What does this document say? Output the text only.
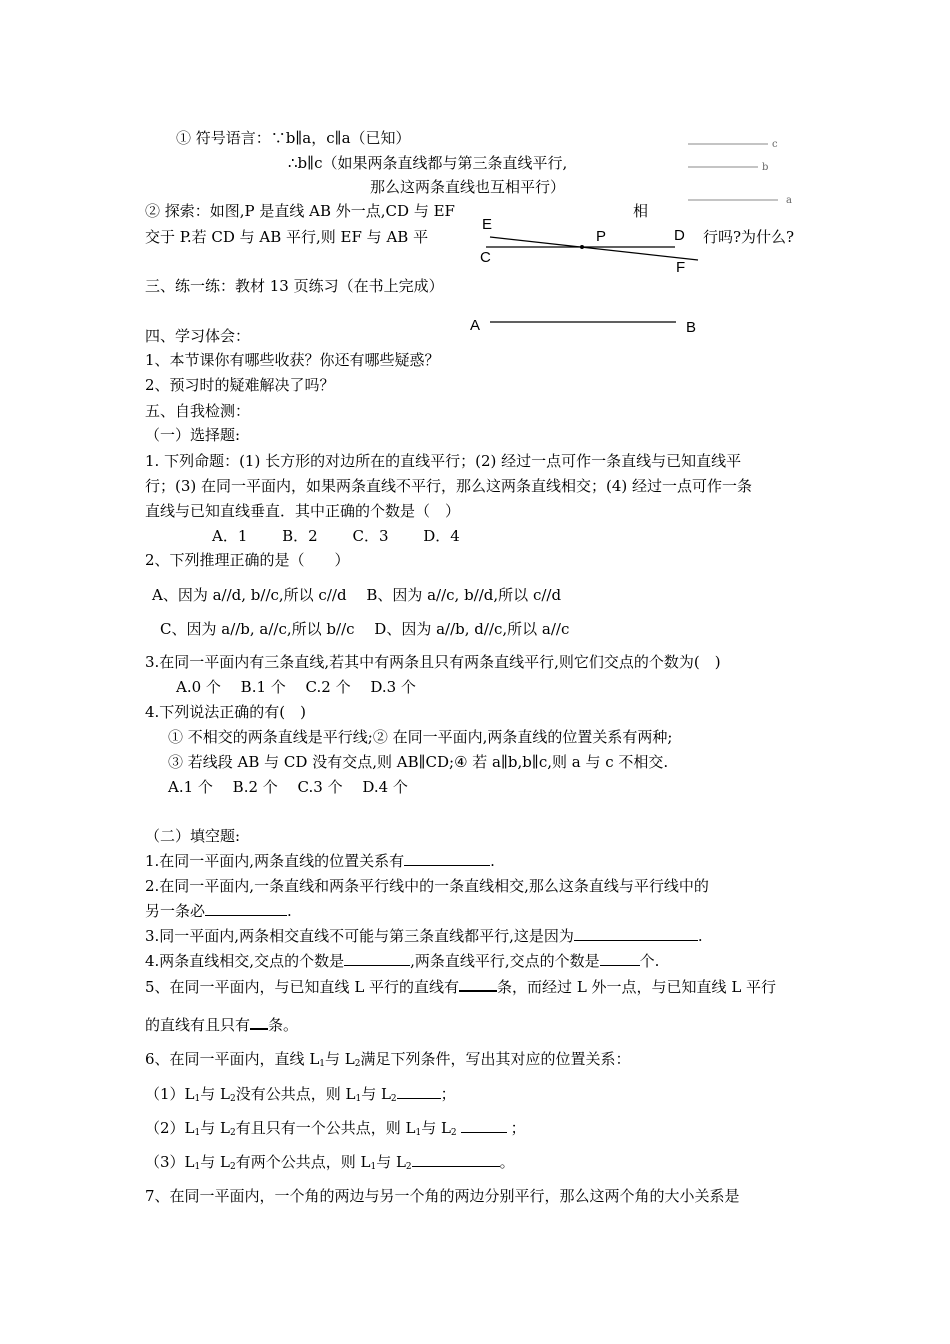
① 符号语言：∵b∥a，c∥a（已知）
∴b∥c（如果两条直线都与第三条直线平行,
那么这两条直线也互相平行）
c
b
a
② 探索：如图,P 是直线 AB 外一点,CD 与 EF	相
交于 P.若 CD 与 AB 平行,则 EF 与 AB 平	行吗?为什么?
E
P	D
C
F
A	B
三、练一练：教材 13 页练习（在书上完成）
四、学习体会：
1、本节课你有哪些收获？你还有哪些疑惑？
2、预习时的疑难解决了吗？
五、自我检测：
（一）选择题:
1. 下列命题：(1) 长方形的对边所在的直线平行；(2) 经过一点可作一条直线与已知直线平
行；(3) 在同一平面内，如果两条直线不平行，那么这两条直线相交；(4) 经过一点可作一条
直线与已知直线垂直．其中正确的个数是（　）
A．1　　 B．2　　 C．3　　 D．4
2、下列推理正确的是（　　）
A、因为 a//d, b//c,所以 c//d　 B、因为 a//c, b//d,所以 c//d
C、因为 a//b, a//c,所以 b//c　 D、因为 a//b, d//c,所以 a//c
3.在同一平面内有三条直线,若其中有两条且只有两条直线平行,则它们交点的个数为(　)
A.0 个　 B.1 个　 C.2 个　 D.3 个
4.下列说法正确的有(　)
① 不相交的两条直线是平行线;② 在同一平面内,两条直线的位置关系有两种;
③ 若线段 AB 与 CD 没有交点,则 AB∥CD;④ 若 a∥b,b∥c,则 a 与 c 不相交.
A.1 个　 B.2 个　 C.3 个　 D.4 个
（二）填空题:
1.在同一平面内,两条直线的位置关系有	.
2.在同一平面内,一条直线和两条平行线中的一条直线相交,那么这条直线与平行线中的
另一条必	.
3.同一平面内,两条相交直线不可能与第三条直线都平行,这是因为	.
4.两条直线相交,交点的个数是	,两条直线平行,交点的个数是	个.
5、在同一平面内，与已知直线 L 平行的直线有	条，而经过 L 外一点，与已知直线 L 平行
的直线有且只有 条。
6、在同一平面内，直线 $L_1$与 $L_2$满足下列条件，写出其对应的位置关系：
$(1)L_1$与 $L_2$没有公共点，则 $L_1$与 $L_2$	；
$(2)L_1$与 $L_2$有且只有一个公共点，则 $L_1$与 $L_2$	；
$(3)L_1$与 $L_2$有两个公共点，则 $L_1$与 $L_2$	。
7、在同一平面内，一个角的两边与另一个角的两边分别平行，那么这两个角的大小关系是
